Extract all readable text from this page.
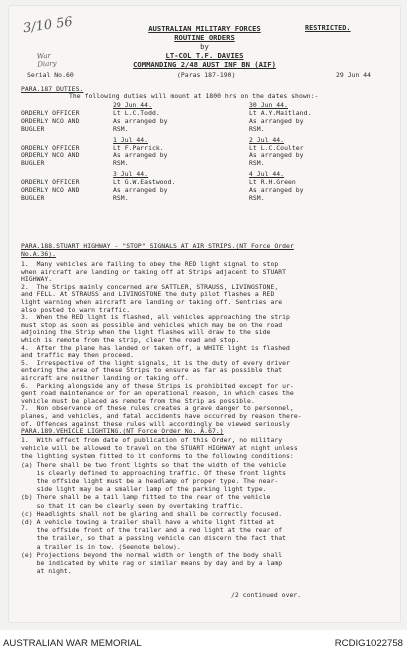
3/10 56
War
Diary
AUSTRALIAN MILITARY FORCES	RESTRICTED.
ROUTINE ORDERS
by
LT-COL T.F. DAVIES
COMMANDING 2/48 AUST INF BN (AIF)
Serial No.60	(Paras 187-190)	29 Jun 44
PARA.187 DUTIES.
The following duties will mount at 1800 hrs on the dates shown:-
29 Jun 44.	30 Jun 44.
ORDERLY OFFICER	Lt L.C.Todd.	Lt A.Y.Maitland.
ORDERLY NCO AND	As arranged by	As arranged by
BUGLER	RSM.	RSM.
1 Jul 44.	2 Jul 44.
ORDERLY OFFICER	Lt F.Parrick.	Lt L.C.Coulter
ORDERLY NCO AND	As arranged by	As arranged by
BUGLER	RSM.	RSM.
3 Jul 44.	4 Jul 44.
ORDERLY OFFICER	Lt G.W.Eastwood.	Lt R.H.Green
ORDERLY NCO AND	As arranged by	As arranged by
BUGLER	RSM.	RSM.
PARA.188.STUART HIGHWAY - "STOP" SIGNALS AT AIR STRIPS.(NT Force Order
No.A.36).
1.  Many vehicles are failing to obey the RED light signal to stop
when aircraft are landing or taking off at Strips adjacent to STUART
HIGHWAY.
2.  The Strips mainly concerned are SATTLER, STRAUSS, LIVINGSTONE,
and FELL. At STRAUSS and LIVINGSTONE the duty pilot flashes a RED
light warning when aircraft are landing or taking off. Sentries are
also posted to warn traffic.
3.  When the RED light is flashed, all vehicles approaching the strip
must stop as soon as possible and vehicles which may be on the road
adjoining the Strip when the light flashes will draw to the side
which is remote from the strip, clear the road and stop.
4.  After the plane has landed or taken off, a WHITE light is flashed
and traffic may then proceed.
5.  Irrespective of the light signals, it is the duty of every driver
entering the area of these Strips to ensure as far as possible that
aircraft are neither landing or taking off.
6.  Parking alongside any of these Strips is prohibited except for ur-
gent road maintenance or for an operational reason, in which cases the
vehicle must be placed as remote from the Strip as possible.
7.  Non observance of these rules creates a grave danger to personnel,
planes, and vehicles, and fatal accidents have occurred by reason there-
of. Offences against these rules will accordingly be viewed seriously
PARA.189.VEHICLE LIGHTING.(NT Force Order No. A.67.)
1.  With effect from date of publication of this Order, no military
vehicle will be allowed to travel on the STUART HIGHWAY at night unless
the lighting system fitted to it conforms to the following conditions:
(a) There shall be two front lights so that the width of the vehicle
is clearly defined to approaching traffic. Of these front lights
the offside light must be a headlamp of proper type. The near-
side light may be a smaller lamp of the parking light type.
(b) There shall be a tail lamp fitted to the rear of the vehicle
so that it can be clearly seen by overtaking traffic.
(c) Headlights shall not be glaring and shall be correctly focused.
(d) A vehicle towing a trailer shall have a white light fitted at
the offside front of the trailer and a red light at the rear of
the trailer, so that a passing vehicle can discern the fact that
a trailer is in tow. (Seenote below).
(e) Projections beyond the normal width or length of the body shall
be indicated by white rag or similar means by day and by a lamp
at night.
/2 continued over.
AUSTRALIAN WAR MEMORIAL	RCDIG1022758
